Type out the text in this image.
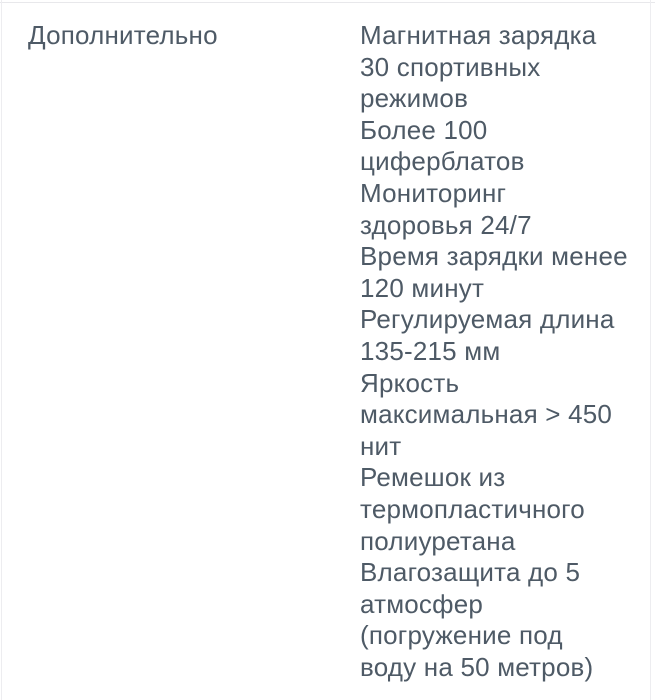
Дополнительно	Магнитная зарядка
30 спортивных
режимов
Более 100
циферблатов
Мониторинг
здоровья 24/7
Время зарядки менее
120 минут
Регулируемая длина
135-215 мм
Яркость
максимальная > 450
нит
Ремешок из
термопластичного
полиуретана
Влагозащита до 5
атмосфер
(погружение под
воду на 50 метров)
